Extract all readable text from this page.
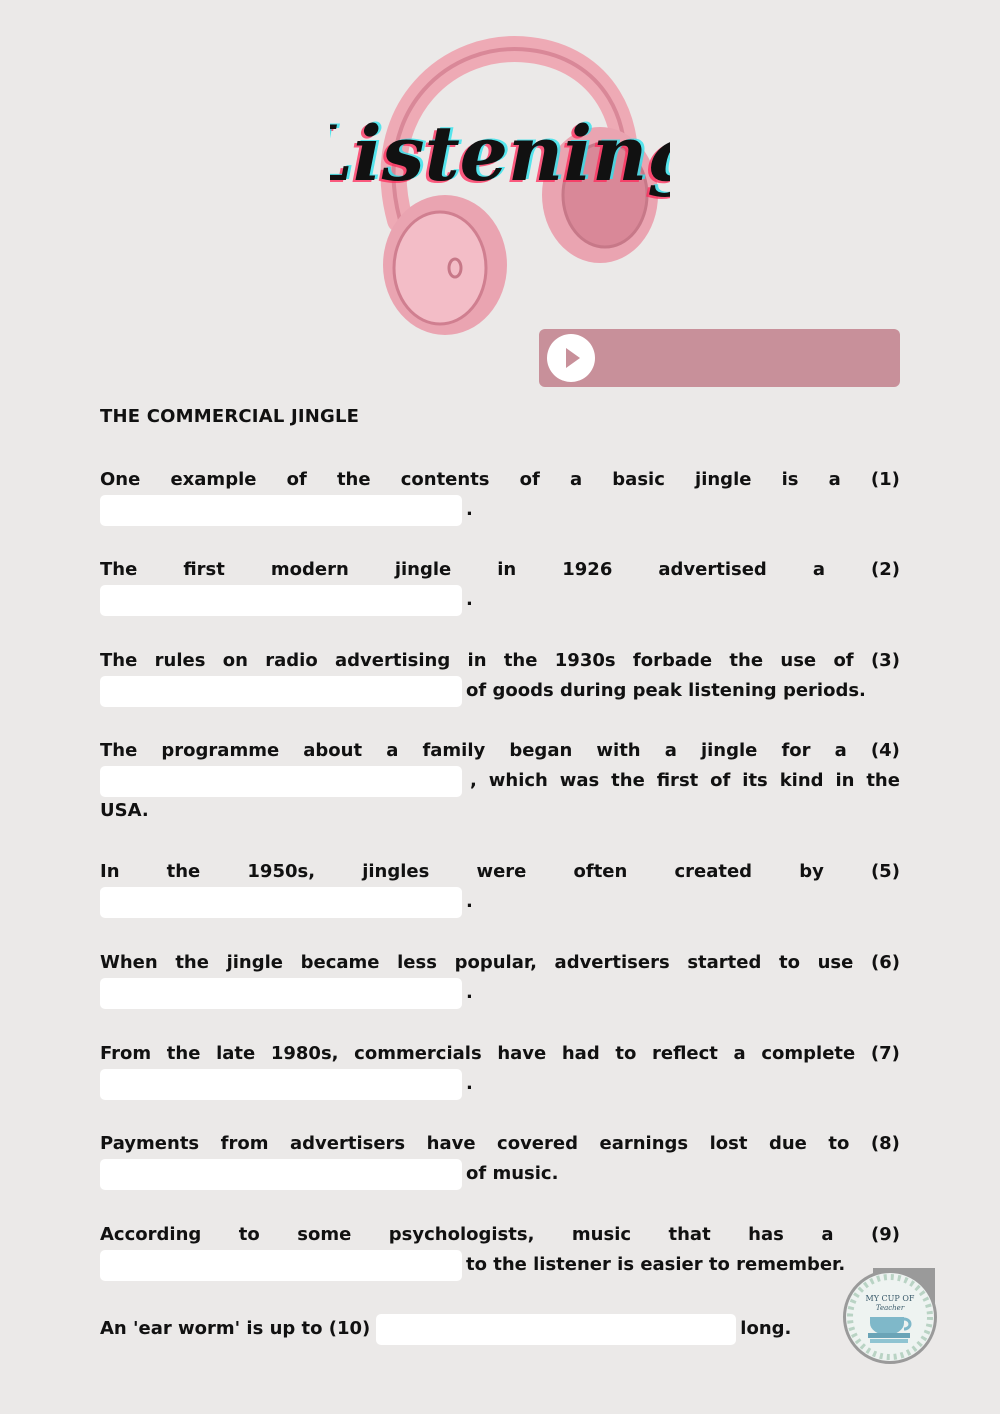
istenin
istenin
istenin
THE COMMERCIAL JINGLE
One example of the contents of a basic jingle is a (1)
.
The	first	modern	jingle	in	1926	advertised	a	(2)
.
The rules on radio advertising in the 1930s forbade the use of (3)
of goods during peak listening periods.
The programme about a family began with a jingle for a (4)
, which was the first of its kind in the
USA.
In	the	1950s,	jingles	were	often	created	by	(5)
.
When the jingle became less popular, advertisers started to use (6)
.
From the late 1980s, commercials have had to reflect a complete (7)
.
Payments from advertisers have covered earnings lost due to (8)
of music.
According to some psychologists, music that has a (9)
to the listener is easier to remember.
An 'ear worm' is up to (10)	long.
MY CUP OF
Teacher
